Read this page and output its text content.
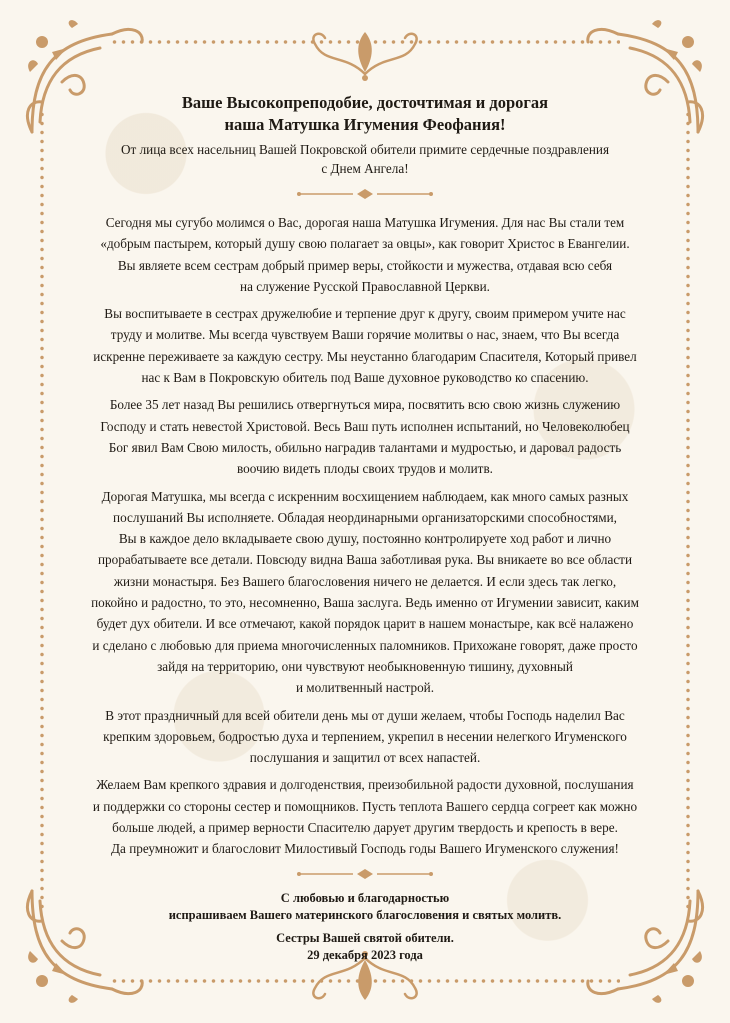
Ваше Высокопреподобие, досточтимая и дорогая
наша Матушка Игумения Феофания!

От лица всех насельниц Вашей Покровской обители примите сердечные поздравления
с Днем Ангела!

Сегодня мы сугубо молимся о Вас, дорогая наша Матушка Игумения. Для нас Вы стали тем
«добрым пастырем, который душу свою полагает за овцы», как говорит Христос в Евангелии.
Вы являете всем сестрам добрый пример веры, стойкости и мужества, отдавая всю себя
на служение Русской Православной Церкви.

Вы воспитываете в сестрах дружелюбие и терпение друг к другу, своим примером учите нас
труду и молитве. Мы всегда чувствуем Ваши горячие молитвы о нас, знаем, что Вы всегда
искренне переживаете за каждую сестру. Мы неустанно благодарим Спасителя, Который привел
нас к Вам в Покровскую обитель под Ваше духовное руководство ко спасению.

Более 35 лет назад Вы решились отвергнуться мира, посвятить всю свою жизнь служению
Господу и стать невестой Христовой. Весь Ваш путь исполнен испытаний, но Человеколюбец
Бог явил Вам Свою милость, обильно наградив талантами и мудростью, и даровал радость
воочию видеть плоды своих трудов и молитв.

Дорогая Матушка, мы всегда с искренним восхищением наблюдаем, как много самых разных
послушаний Вы исполняете. Обладая неординарными организаторскими способностями,
Вы в каждое дело вкладываете свою душу, постоянно контролируете ход работ и лично
прорабатываете все детали. Повсюду видна Ваша заботливая рука. Вы вникаете во все области
жизни монастыря. Без Вашего благословения ничего не делается. И если здесь так легко,
покойно и радостно, то это, несомненно, Ваша заслуга. Ведь именно от Игумении зависит, каким
будет дух обители. И все отмечают, какой порядок царит в нашем монастыре, как всё налажено
и сделано с любовью для приема многочисленных паломников. Прихожане говорят, даже просто
зайдя на территорию, они чувствуют необыкновенную тишину, духовный
и молитвенный настрой.

В этот праздничный для всей обители день мы от души желаем, чтобы Господь наделил Вас
крепким здоровьем, бодростью духа и терпением, укрепил в несении нелегкого Игуменского
послушания и защитил от всех напастей.

Желаем Вам крепкого здравия и долгоденствия, преизобильной радости духовной, послушания
и поддержки со стороны сестер и помощников. Пусть теплота Вашего сердца согреет как можно
больше людей, а пример верности Спасителю дарует другим твердость и крепость в вере.
Да преумножит и благословит Милостивый Господь годы Вашего Игуменского служения!

С любовью и благодарностью

испрашиваем Вашего материнского благословения и святых молитв.

Сестры Вашей святой обители.

29 декабря 2023 года
